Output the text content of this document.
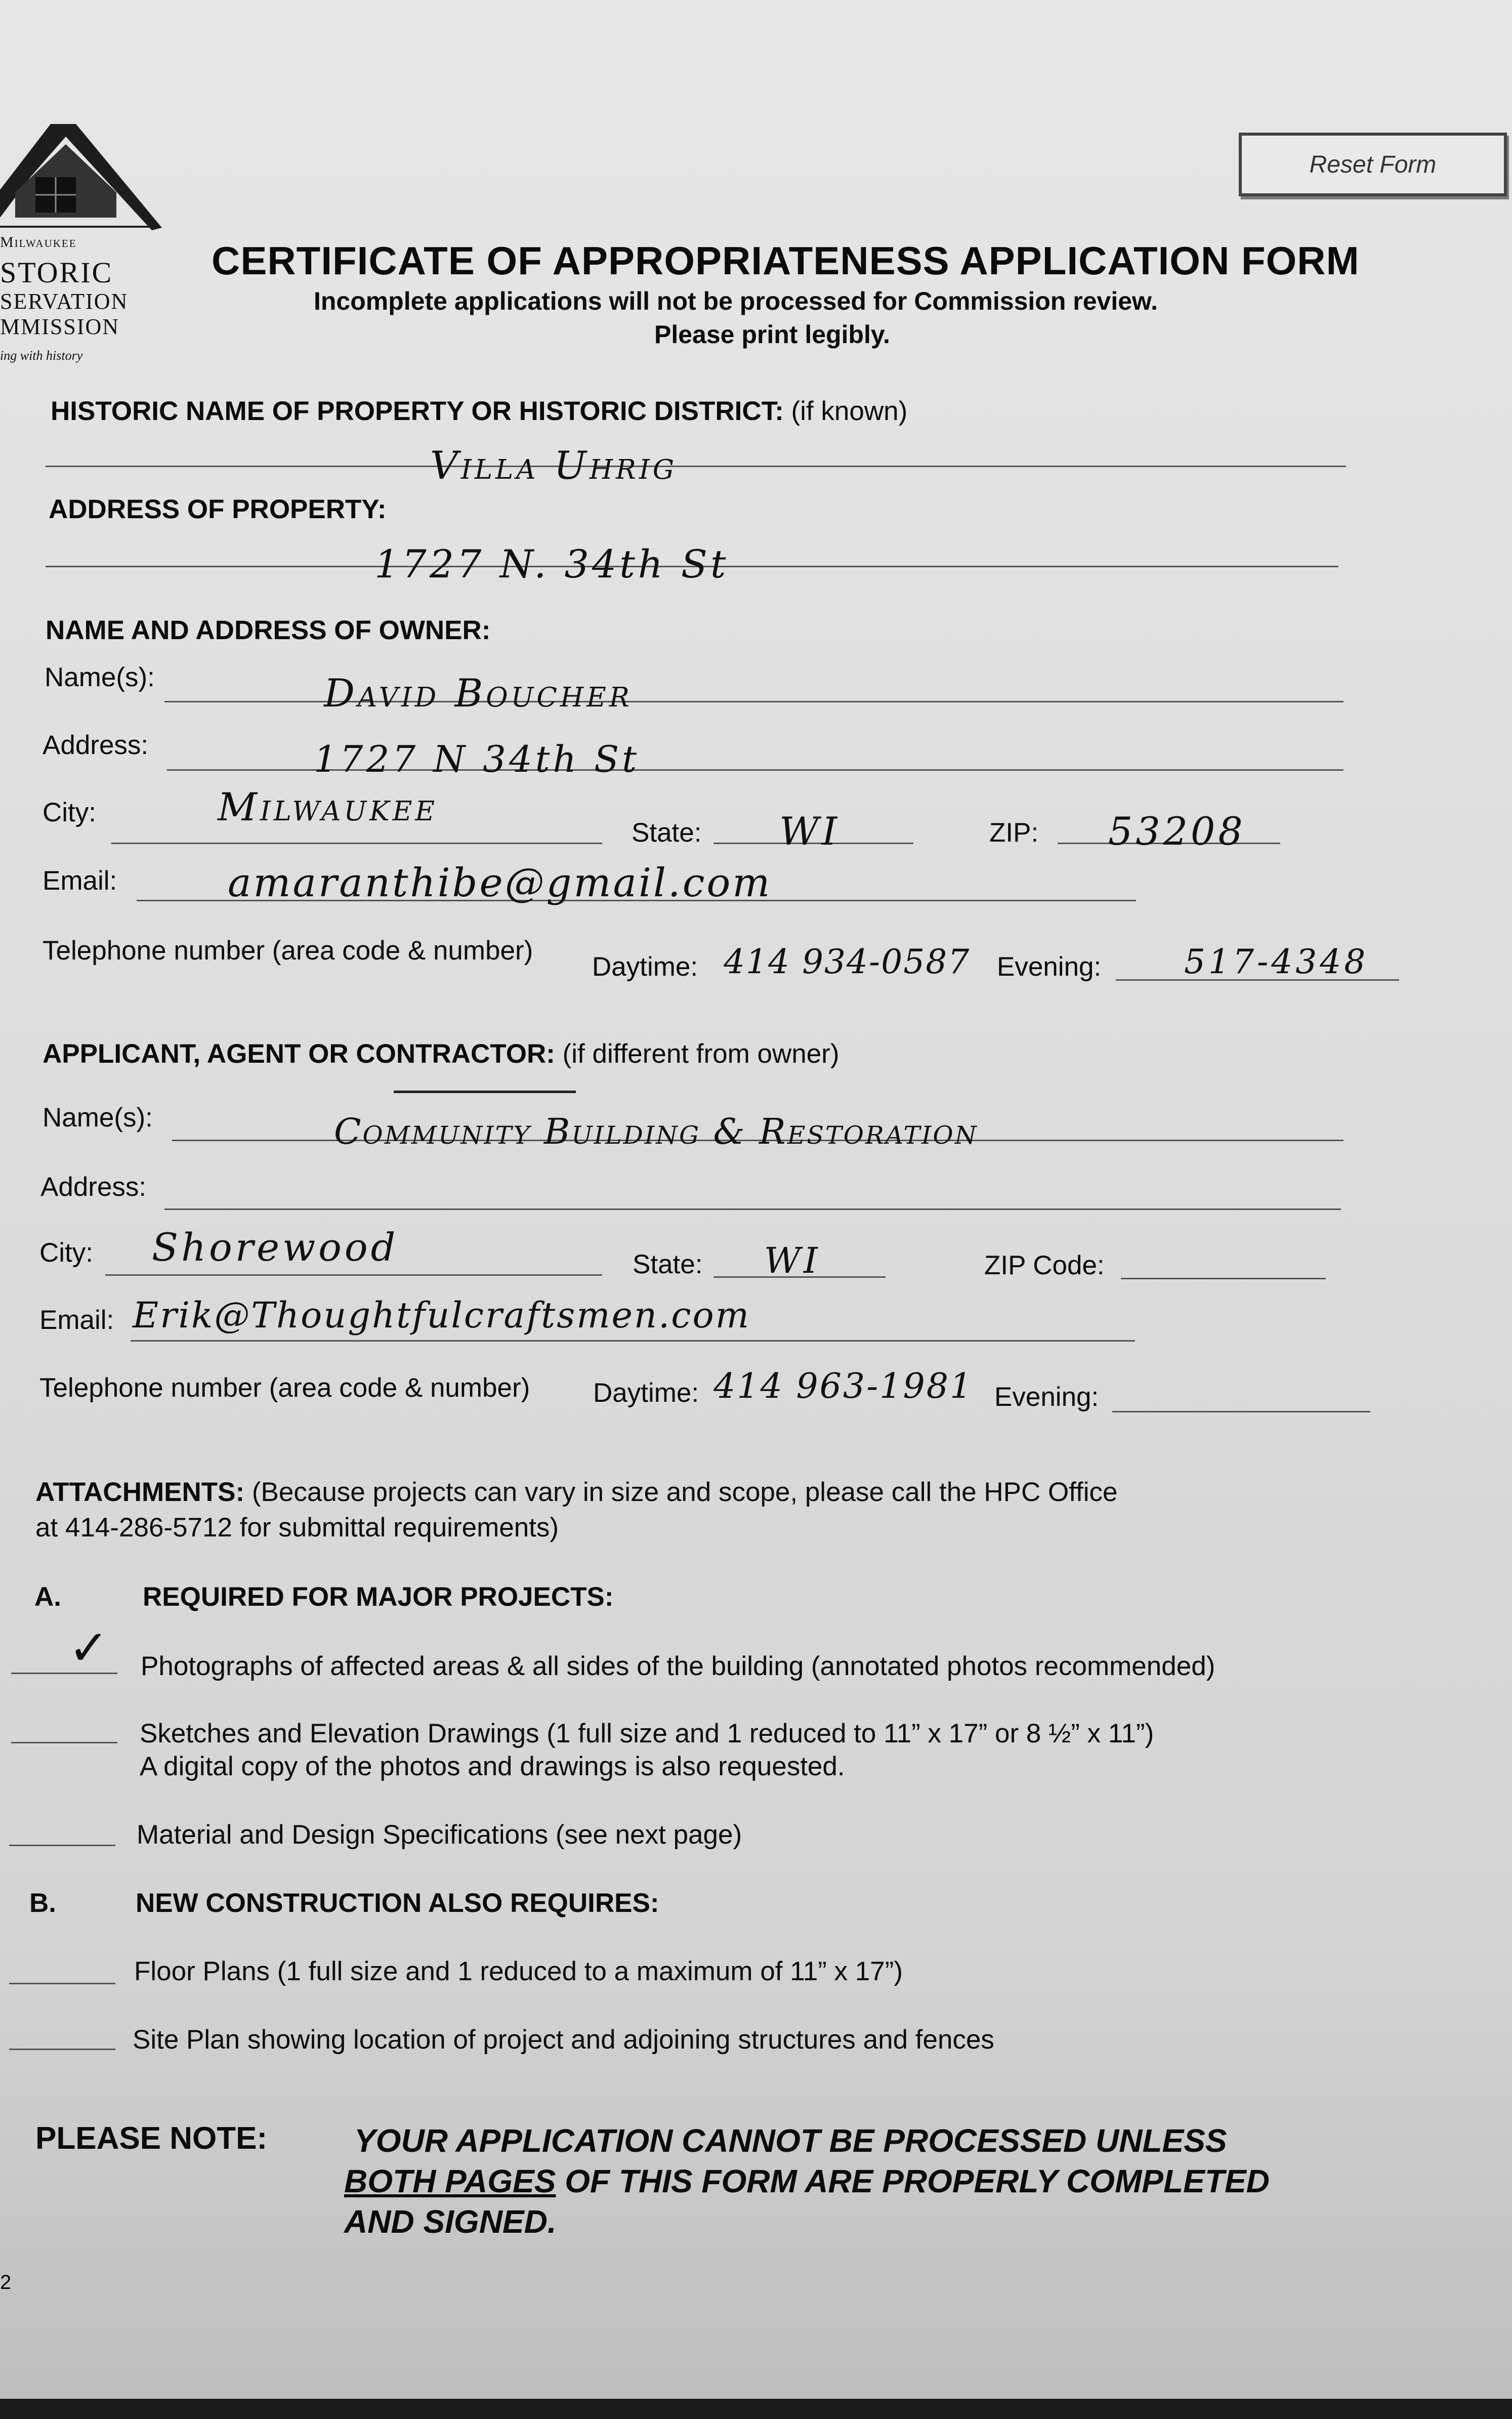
Milwaukee
STORIC
SERVATION
MMISSION
ing with history
Reset Form
CERTIFICATE OF APPROPRIATENESS APPLICATION FORM
Incomplete applications will not be processed for Commission review.
Please print legibly.
HISTORIC NAME OF PROPERTY OR HISTORIC DISTRICT: (if known)
Villa Uhrig
ADDRESS OF PROPERTY:
1727 N. 34th St
NAME AND ADDRESS OF OWNER:
Name(s):	David Boucher
Address:	1727 N 34th St
City:	Milwaukee
State: WI	ZIP: 53208
Email:	amaranthibe@gmail.com
Telephone number (area code & number)
Daytime: 414 934-0587 Evening: 517-4348
APPLICANT, AGENT OR CONTRACTOR: (if different from owner)
Name(s):	Community Building & Restoration
Address:
City: Shorewood	State: WI	ZIP Code:
Email: Erik@Thoughtfulcraftsmen.com
Telephone number (area code & number) Daytime: 414 963-1981 Evening:
ATTACHMENTS: (Because projects can vary in size and scope, please call the HPC Office
at 414-286-5712 for submittal requirements)
A.	REQUIRED FOR MAJOR PROJECTS:
✓ Photographs of affected areas & all sides of the building (annotated photos recommended)
Sketches and Elevation Drawings (1 full size and 1 reduced to 11” x 17” or 8 ½” x 11”)
A digital copy of the photos and drawings is also requested.
Material and Design Specifications (see next page)
B.	NEW CONSTRUCTION ALSO REQUIRES:
Floor Plans (1 full size and 1 reduced to a maximum of 11” x 17”)
Site Plan showing location of project and adjoining structures and fences
PLEASE NOTE:	YOUR APPLICATION CANNOT BE PROCESSED UNLESS
BOTH PAGES OF THIS FORM ARE PROPERLY COMPLETED
AND SIGNED.
2
